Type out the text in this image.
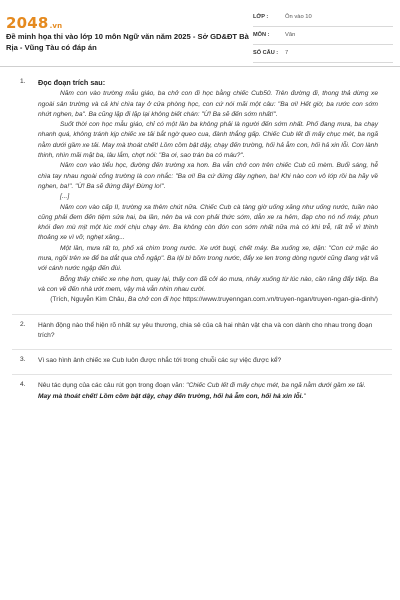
2048.vn
Đề minh họa thi vào lớp 10 môn Ngữ văn năm 2025 - Sở GD&ĐT Bà Rịa - Vũng Tàu có đáp án
LỚP :	Ôn vào 10
MÔN :	Văn
SỐ CÂU : 7
1. Đọc đoạn trích sau:
Năm con vào trường mẫu giáo, ba chở con đi học bằng chiếc Cub50. Trên đường đi, thong thả dừng xe ngoài sân trường và cả khi chìa tay ở cửa phòng học, con cứ nói mãi một câu: "Ba ơi! Hết giờ, ba rước con sớm nhứt nghen, ba". Ba cũng lặp đi lặp lại không biết chán: "Ừ! Ba sẽ đến sớm nhất!".
Suốt thời con học mẫu giáo, chỉ có một lần ba không phải là người đến sớm nhất. Phố đang mưa, ba chạy nhanh quá, không tránh kịp chiếc xe tải bắt ngờ queo cua, đành thắng gấp. Chiếc Cub lết đi mấy chục mét, ba ngã nằm dưới gầm xe tải. May mà thoát chết! Lồm cồm bật dậy, chạy đến trường, hối hả ẵm con, hối hả xin lỗi. Con lành thinh, nhìn mãi mặt ba, lâu lắm, chợt nói: "Ba ơi, sao trán ba có máu?".
Năm con vào tiểu học, đường đến trường xa hơn. Ba vẫn chở con trên chiếc Cub cũ mèm. Buổi sáng, hễ chìa tay nhau ngoài cổng trường là con nhắc: "Ba ơi! Ba cứ đứng đây nghen, ba! Khi nào con vô lớp rồi ba hãy về nghen, ba!". "Ừ! Ba sẽ đứng đây! Đừng lo!".
[...]
Năm con vào cấp II, trường xa thêm chút nữa. Chiếc Cub cà tàng giờ uống xăng như uống nước, tuần nào cũng phải đem đến tiệm sửa hai, ba lần, nên ba và con phải thức sớm, dẫn xe ra hẻm, đạp cho nó nổ máy, phun khói đen mù mịt một lúc mới chịu chạy êm. Ba không còn đón con sớm nhất nữa mà có khi trễ, rất trễ vì thình thoảng xe vì vỡ, nghẹt xăng...
Một lần, mưa rất to, phố xá chìm trong nước. Xe ướt bugi, chết máy. Ba xuống xe, dặn: "Con cứ mặc áo mưa, ngồi trên xe để ba dắt qua chỗ ngập". Ba lội bì bõm trong nước, đẩy xe len trong dòng người cũng đang vật vã với cánh nước ngập đến đùi.
Bỗng thấy chiếc xe nhẹ hơn, quay lại, thấy con đã cởi áo mưa, nhảy xuống từ lúc nào, cần răng đẩy tiếp. Ba và con về đến nhà ướt mem, vậy mà vẫn nhìn nhau cười.
(Trích, Nguyễn Kim Châu, Ba chở con đi học https://www.truyenngan.com.vn/truyen-ngan/truyen-ngan-gia-dinh/)
2. Hành động nào thể hiện rõ nhất sự yêu thương, chia sẻ của cả hai nhân vật cha và con dành cho nhau trong đoạn trích?
3. Vì sao hình ảnh chiếc xe Cub luôn được nhắc tới trong chuỗi các sự việc được kể?
4. Nêu tác dụng của các câu rút gọn trong đoạn văn: "Chiếc Cub lết đi mấy chục mét, ba ngã nằm dưới gầm xe tải. May mà thoát chết! Lồm cồm bật dậy, chạy đến trường, hối hả ẵm con, hối hả xin lỗi."
